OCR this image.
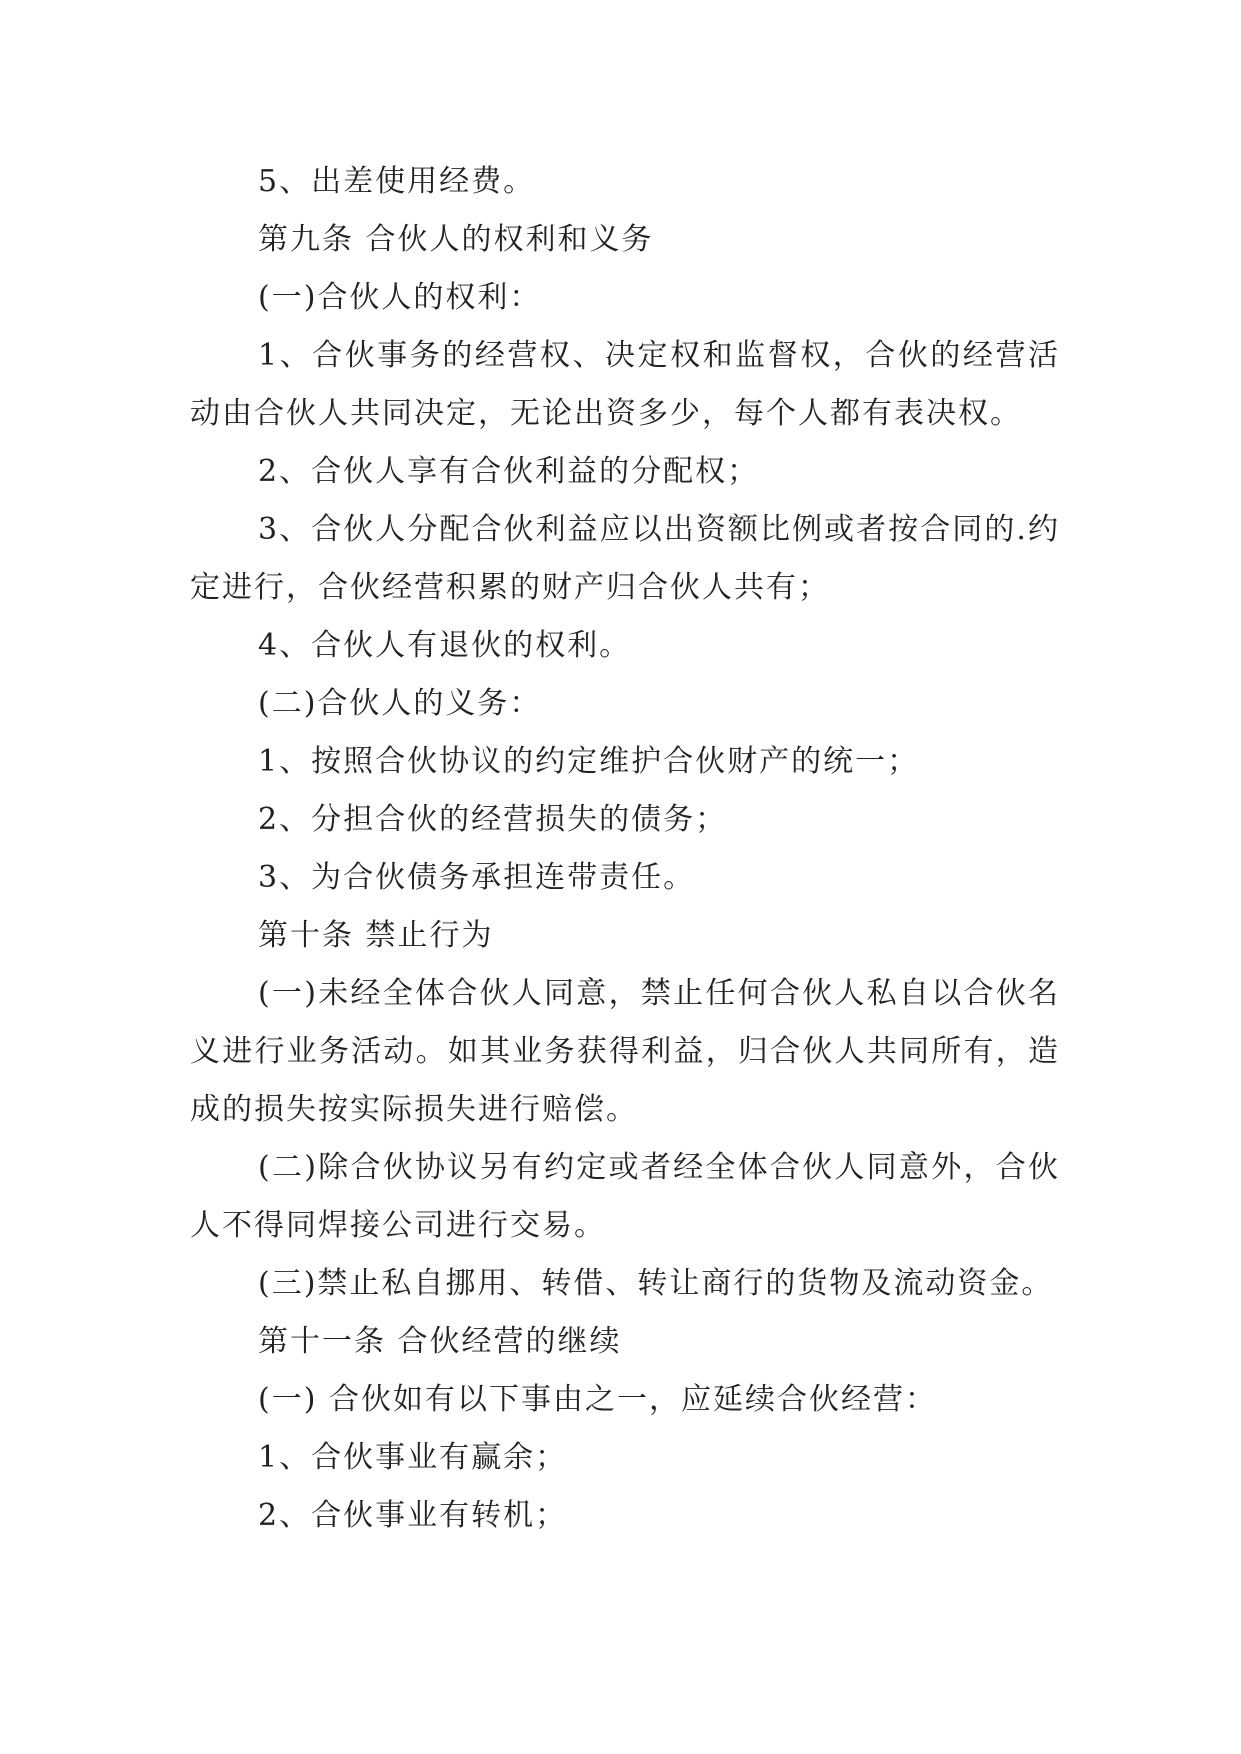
5、出差使用经费。

第九条 合伙人的权利和义务

(一)合伙人的权利：

1、合伙事务的经营权、决定权和监督权，合伙的经营活动由合伙人共同决定，无论出资多少，每个人都有表决权。

2、合伙人享有合伙利益的分配权；

3、合伙人分配合伙利益应以出资额比例或者按合同的.约定进行，合伙经营积累的财产归合伙人共有；

4、合伙人有退伙的权利。

(二)合伙人的义务：

1、按照合伙协议的约定维护合伙财产的统一；

2、分担合伙的经营损失的债务；

3、为合伙债务承担连带责任。

第十条 禁止行为

(一)未经全体合伙人同意，禁止任何合伙人私自以合伙名义进行业务活动。如其业务获得利益，归合伙人共同所有，造成的损失按实际损失进行赔偿。

(二)除合伙协议另有约定或者经全体合伙人同意外，合伙人不得同焊接公司进行交易。

(三)禁止私自挪用、转借、转让商行的货物及流动资金。

第十一条 合伙经营的继续

(一) 合伙如有以下事由之一，应延续合伙经营：

1、合伙事业有赢余；

2、合伙事业有转机；
